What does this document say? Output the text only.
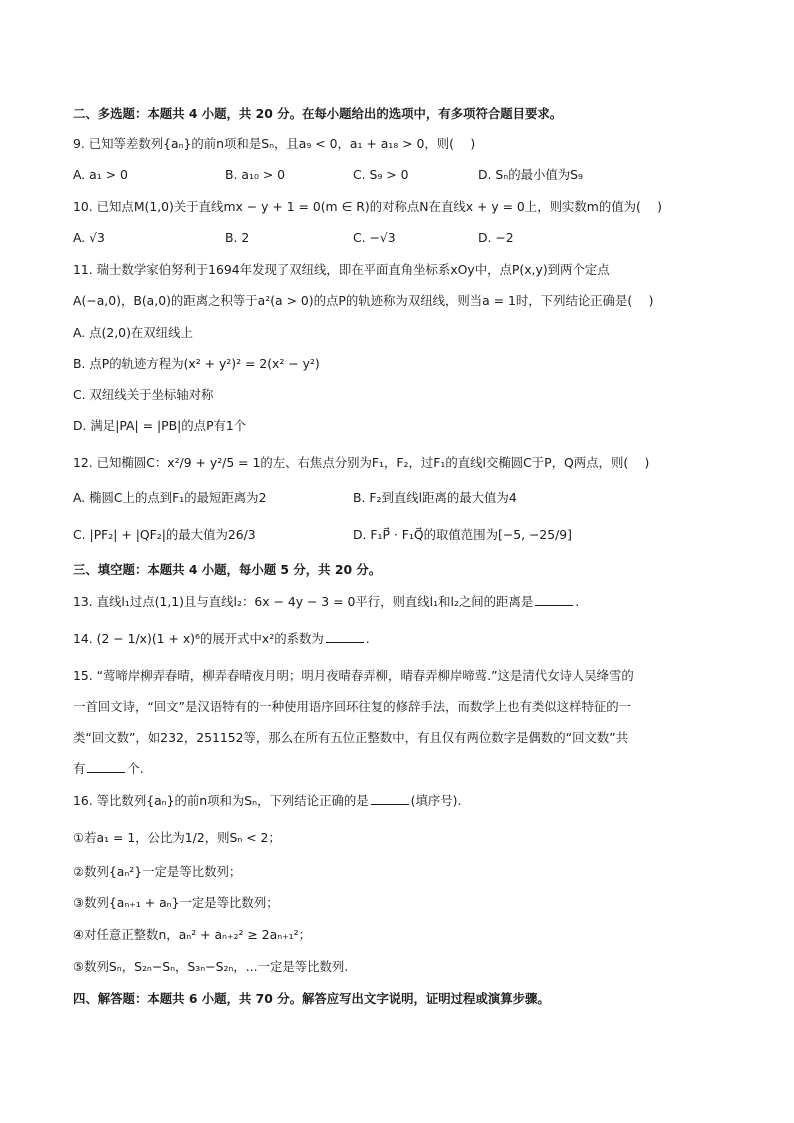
二、多选题：本题共 4 小题，共 20 分。在每小题给出的选项中，有多项符合题目要求。
9. 已知等差数列{aₙ}的前n项和是Sₙ，且a₉ < 0，a₁ + a₁₈ > 0，则(　 )
A. a₁ > 0	B. a₁₀ > 0	C. S₉ > 0	D. Sₙ的最小值为S₉
10. 已知点M(1,0)关于直线mx − y + 1 = 0(m ∈ R)的对称点N在直线x + y = 0上，则实数m的值为(　 )
A. √3	B. 2	C. −√3	D. −2
11. 瑞士数学家伯努利于1694年发现了双纽线，即在平面直角坐标系xOy中，点P(x,y)到两个定点
A(−a,0)，B(a,0)的距离之积等于a²(a > 0)的点P的轨迹称为双纽线，则当a = 1时，下列结论正确是(　 )
A. 点(2,0)在双纽线上
B. 点P的轨迹方程为(x² + y²)² = 2(x² − y²)
C. 双纽线关于坐标轴对称
D. 满足|PA| = |PB|的点P有1个
12. 已知椭圆C：x²/9 + y²/5 = 1的左、右焦点分别为F₁，F₂，过F₁的直线l交椭圆C于P，Q两点，则(　 )
A. 椭圆C上的点到F₁的最短距离为2	B. F₂到直线l距离的最大值为4
C. |PF₂| + |QF₂|的最大值为26/3	D. F₁P⃗ · F₁Q⃗的取值范围为[−5, −25/9]
三、填空题：本题共 4 小题，每小题 5 分，共 20 分。
13. 直线l₁过点(1,1)且与直线l₂：6x − 4y − 3 = 0平行，则直线l₁和l₂之间的距离是	.
14. (2 − 1/x)(1 + x)⁶的展开式中x²的系数为	.
15. “莺啼岸柳弄春晴，柳弄春晴夜月明；明月夜晴春弄柳，晴春弄柳岸啼莺.”这是清代女诗人吴绛雪的
一首回文诗，“回文”是汉语特有的一种使用语序回环往复的修辞手法，而数学上也有类似这样特征的一
类“回文数”，如232，251152等，那么在所有五位正整数中，有且仅有两位数字是偶数的“回文数”共
有	个.
16. 等比数列{aₙ}的前n项和为Sₙ，下列结论正确的是	(填序号).
①若a₁ = 1，公比为1/2，则Sₙ < 2；
②数列{aₙ²}一定是等比数列；
③数列{aₙ₊₁ + aₙ}一定是等比数列；
④对任意正整数n，aₙ² + aₙ₊₂² ≥ 2aₙ₊₁²；
⑤数列Sₙ，S₂ₙ−Sₙ，S₃ₙ−S₂ₙ，...一定是等比数列.
四、解答题：本题共 6 小题，共 70 分。解答应写出文字说明，证明过程或演算步骤。
